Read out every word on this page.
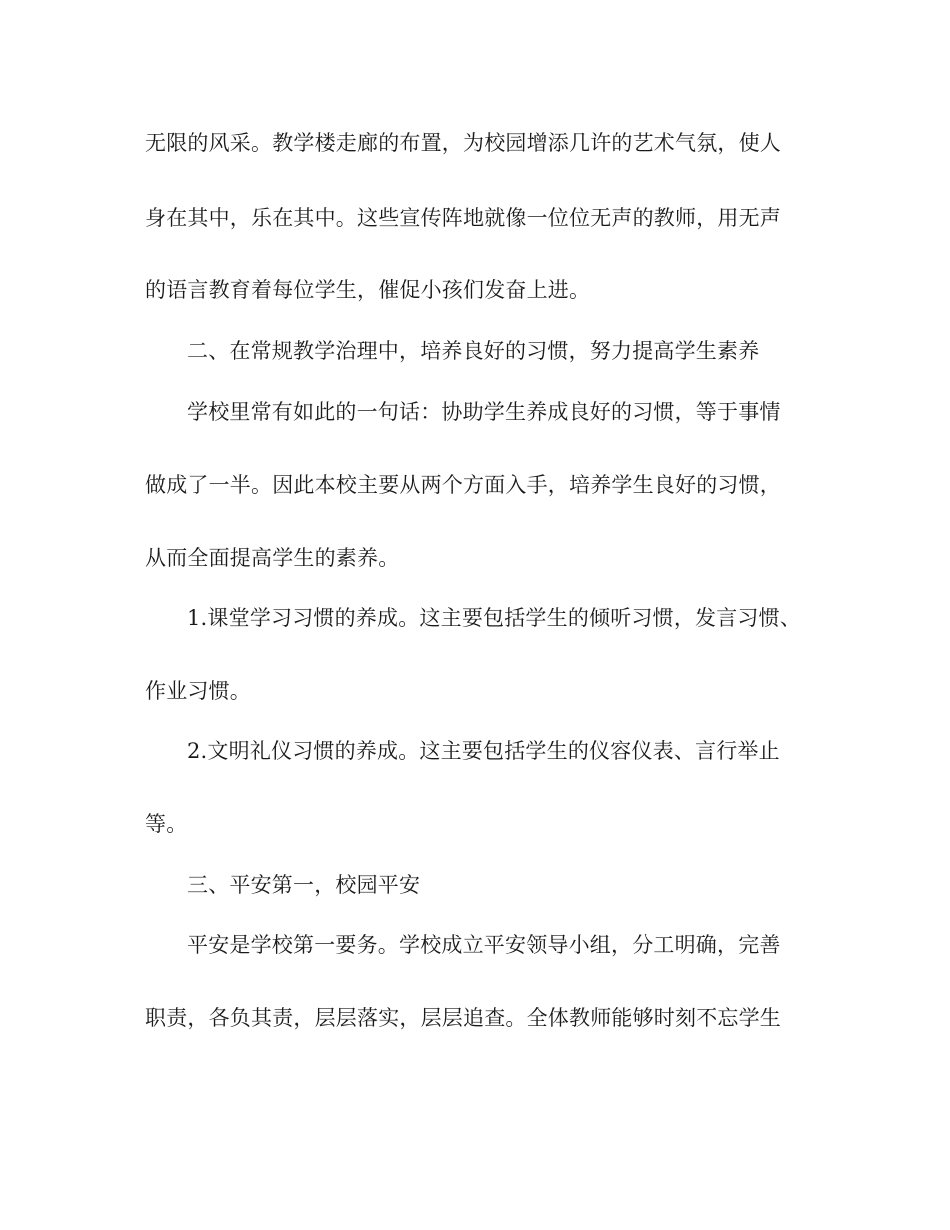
无限的风采。教学楼走廊的布置，为校园增添几许的艺术气氛，使人

身在其中，乐在其中。这些宣传阵地就像一位位无声的教师，用无声

的语言教育着每位学生，催促小孩们发奋上进。

二、在常规教学治理中，培养良好的习惯，努力提高学生素养

学校里常有如此的一句话：协助学生养成良好的习惯，等于事情

做成了一半。因此本校主要从两个方面入手，培养学生良好的习惯，

从而全面提高学生的素养。

1.课堂学习习惯的养成。这主要包括学生的倾听习惯，发言习惯、

作业习惯。

2.文明礼仪习惯的养成。这主要包括学生的仪容仪表、言行举止

等。

三、平安第一，校园平安

平安是学校第一要务。学校成立平安领导小组，分工明确，完善

职责，各负其责，层层落实，层层追查。全体教师能够时刻不忘学生
